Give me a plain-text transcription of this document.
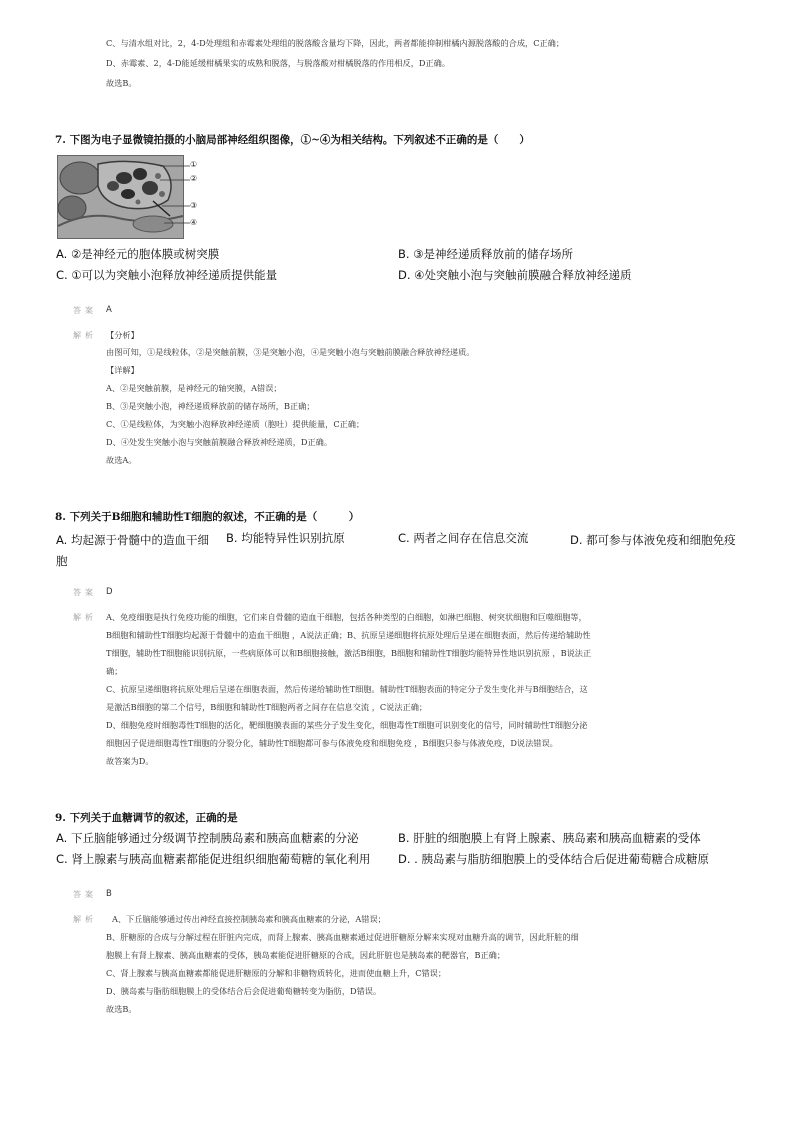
C、与清水组对比，2，4-D处理组和赤霉素处理组的脱落酸含量均下降，因此，两者都能抑制柑橘内源脱落酸的合成，C正确；
D、赤霉素、2，4-D能延缓柑橘果实的成熟和脱落，与脱落酸对柑橘脱落的作用相反，D正确。
故选B。
7. 下图为电子显微镜拍摄的小脑局部神经组织图像，①~④为相关结构。下列叙述不正确的是（　　）
①
②
③
④
A. ②是神经元的胞体膜或树突膜	B. ③是神经递质释放前的储存场所
C. ①可以为突触小泡释放神经递质提供能量	D. ④处突触小泡与突触前膜融合释放神经递质
答案 A
解析 【分析】
由图可知，①是线粒体，②是突触前膜，③是突触小泡，④是突触小泡与突触前膜融合释放神经递质。
【详解】
A、②是突触前膜，是神经元的轴突膜，A错误；
B、③是突触小泡，神经递质释放前的储存场所，B正确；
C、①是线粒体，为突触小泡释放神经递质（胞吐）提供能量，C正确；
D、④处发生突触小泡与突触前膜融合释放神经递质，D正确。
故选A。
8. 下列关于B细胞和辅助性T细胞的叙述，不正确的是（　　　）
A. 均起源于骨髓中的造血干细胞
B. 均能特异性识别抗原	C. 两者之间存在信息交流	D. 都可参与体液免疫和细胞免疫
答案 D
解析 A、免疫细胞是执行免疫功能的细胞，它们来自骨髓的造血干细胞，包括各种类型的白细胞，如淋巴细胞、树突状细胞和巨噬细胞等，
B细胞和辅助性T细胞均起源于骨髓中的造血干细胞 ，A说法正确；B、抗原呈递细胞将抗原处理后呈递在细胞表面，然后传递给辅助性
T细胞，辅助性T细胞能识别抗原，一些病原体可以和B细胞接触，激活B细胞，B细胞和辅助性T细胞均能特异性地识别抗原 ，B说法正
确；
C、抗原呈递细胞将抗原处理后呈递在细胞表面，然后传递给辅助性T细胞。辅助性T细胞表面的特定分子发生变化并与B细胞结合，这
是激活B细胞的第二个信号，B细胞和辅助性T细胞两者之间存在信息交流 ，C说法正确；
D、细胞免疫时细胞毒性T细胞的活化，靶细胞膜表面的某些分子发生变化，细胞毒性T细胞可识别变化的信号，同时辅助性T细胞分泌
细胞因子促进细胞毒性T细胞的分裂分化，辅助性T细胞都可参与体液免疫和细胞免疫 ，B细胞只参与体液免疫，D说法错误。
故答案为D。
9. 下列关于血糖调节的叙述，正确的是
A. 下丘脑能够通过分级调节控制胰岛素和胰高血糖素的分泌	B. 肝脏的细胞膜上有肾上腺素、胰岛素和胰高血糖素的受体
C. 肾上腺素与胰高血糖素都能促进组织细胞葡萄糖的氧化利用 D. . 胰岛素与脂肪细胞膜上的受体结合后促进葡萄糖合成糖原
答案 B
解析 A、下丘脑能够通过传出神经直接控制胰岛素和胰高血糖素的分泌，A错误；
B、肝糖原的合成与分解过程在肝脏内完成，而肾上腺素、胰高血糖素通过促进肝糖原分解来实现对血糖升高的调节，因此肝脏的细
胞膜上有肾上腺素、胰高血糖素的受体，胰岛素能促进肝糖原的合成，因此肝脏也是胰岛素的靶器官，B正确；
C、肾上腺素与胰高血糖素都能促进肝糖原的分解和非糖物质转化，进而使血糖上升，C错误；
D、胰岛素与脂肪细胞膜上的受体结合后会促进葡萄糖转变为脂肪，D错误。
故选B。
